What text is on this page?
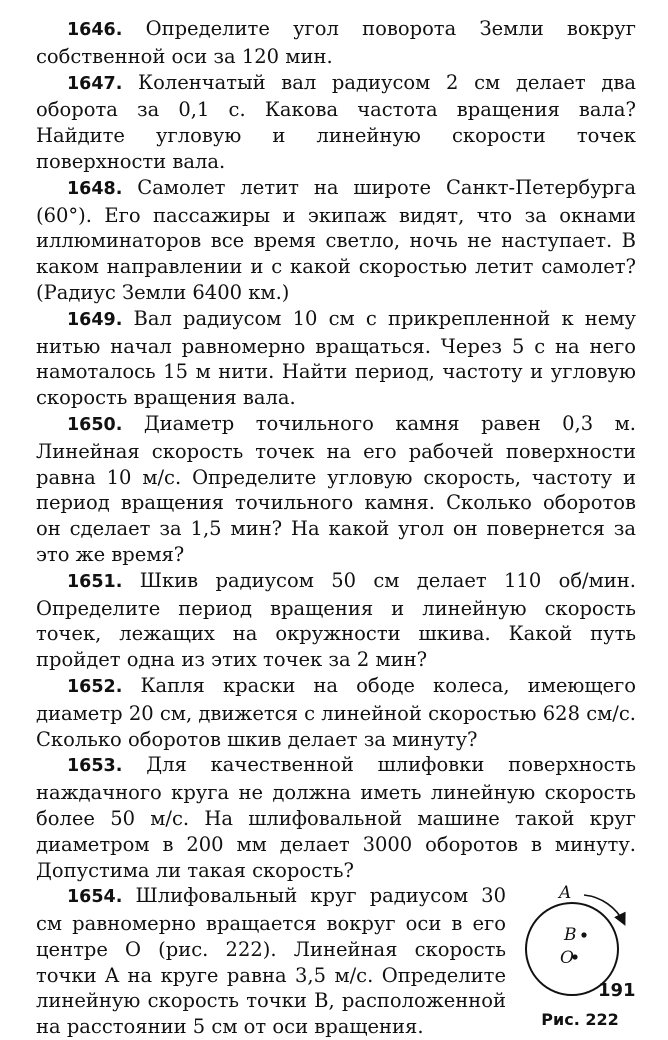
1646. Определите угол поворота Земли вокруг собственной оси за 120 мин.

1647. Коленчатый вал радиусом 2 см делает два оборота за 0,1 с. Какова частота вращения вала? Найдите угловую и линейную скорости точек поверхности вала.

1648. Самолет летит на широте Санкт-Петербурга (60°). Его пассажиры и экипаж видят, что за окнами иллюминаторов все время светло, ночь не наступает. В каком направлении и с какой скоростью летит самолет? (Радиус Земли 6400 км.)

1649. Вал радиусом 10 см с прикрепленной к нему нитью начал равномерно вращаться. Через 5 с на него намоталось 15 м нити. Найти период, частоту и угловую скорость вращения вала.

1650. Диаметр точильного камня равен 0,3 м. Линейная скорость точек на его рабочей поверхности равна 10 м/с. Определите угловую скорость, частоту и период вращения точильного камня. Сколько оборотов он сделает за 1,5 мин? На какой угол он повернется за это же время?

1651. Шкив радиусом 50 см делает 110 об/мин. Определите период вращения и линейную скорость точек, лежащих на окружности шкива. Какой путь пройдет одна из этих точек за 2 мин?

1652. Капля краски на ободе колеса, имеющего диаметр 20 см, движется с линейной скоростью 628 см/с. Сколько оборотов шкив делает за минуту?

1653. Для качественной шлифовки поверхность наждачного круга не должна иметь линейную скорость более 50 м/с. На шлифовальной машине такой круг диаметром в 200 мм делает 3000 оборотов в минуту. Допустима ли такая скорость?

1654. Шлифовальный круг радиусом 30 см равномерно вращается вокруг оси в его центре O (рис. 222). Линейная скорость точки A на круге равна 3,5 м/с. Определите линейную скорость точки B, расположенной на расстоянии 5 см от оси вращения.

A
B
O
Рис. 222
191
